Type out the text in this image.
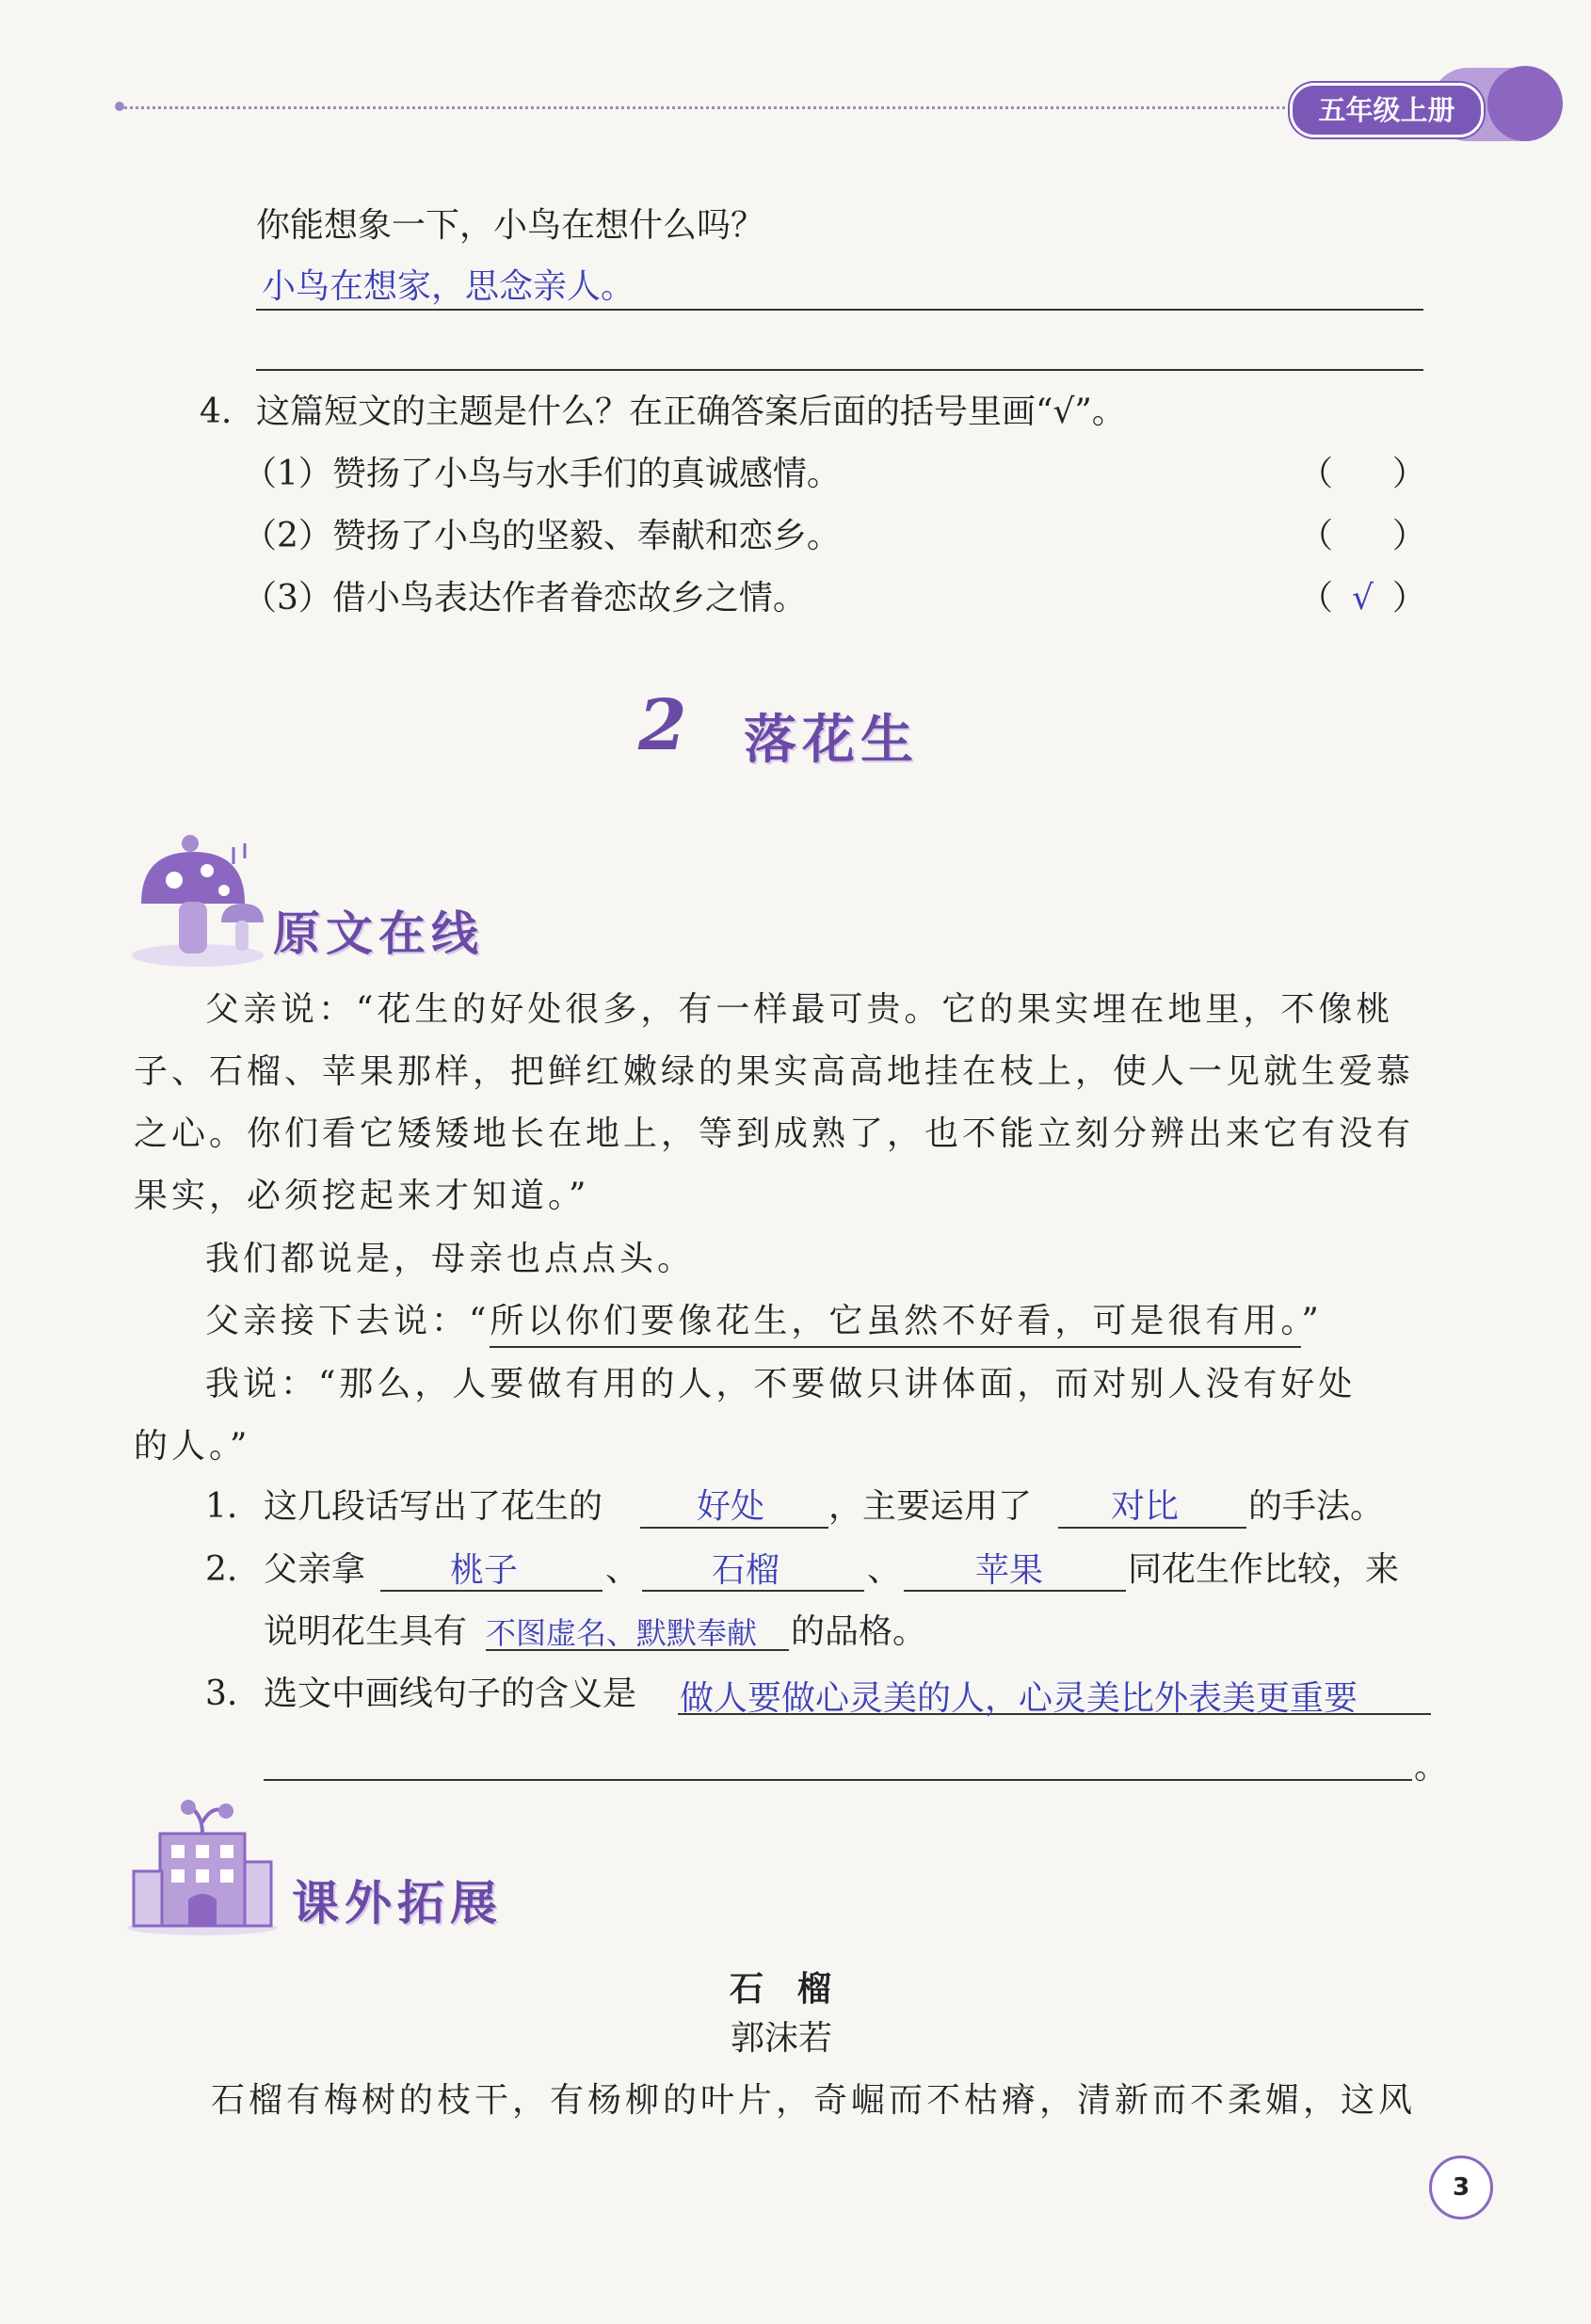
五年级上册
你能想象一下，小鸟在想什么吗？
小鸟在想家，思念亲人。
4. 这篇短文的主题是什么？在正确答案后面的括号里画“√”。
（1）赞扬了小鸟与水手们的真诚感情。	（ ）
（2）赞扬了小鸟的坚毅、奉献和恋乡。	（ ）
（3）借小鸟表达作者眷恋故乡之情。	（ √ ）
2 落花生
原文在线
父亲说：“花生的好处很多，有一样最可贵。它的果实埋在地里，不像桃
子、石榴、苹果那样，把鲜红嫩绿的果实高高地挂在枝上，使人一见就生爱慕
之心。你们看它矮矮地长在地上，等到成熟了，也不能立刻分辨出来它有没有
果实，必须挖起来才知道。”
我们都说是，母亲也点点头。
父亲接下去说：“所以你们要像花生，它虽然不好看，可是很有用。”
我说：“那么，人要做有用的人，不要做只讲体面，而对别人没有好处
的人。”
1. 这几段话写出了花生的	好处 ，主要运用了 对比 的手法。
2. 父亲拿 桃子	、 石榴	、 苹果 同花生作比较，来
说明花生具有 不图虚名、默默奉献 的品格。
3. 选文中画线句子的含义是 做人要做心灵美的人，心灵美比外表美更重要
。
课外拓展
石　榴
郭沫若
石榴有梅树的枝干，有杨柳的叶片，奇崛而不枯瘠，清新而不柔媚，这风
3
